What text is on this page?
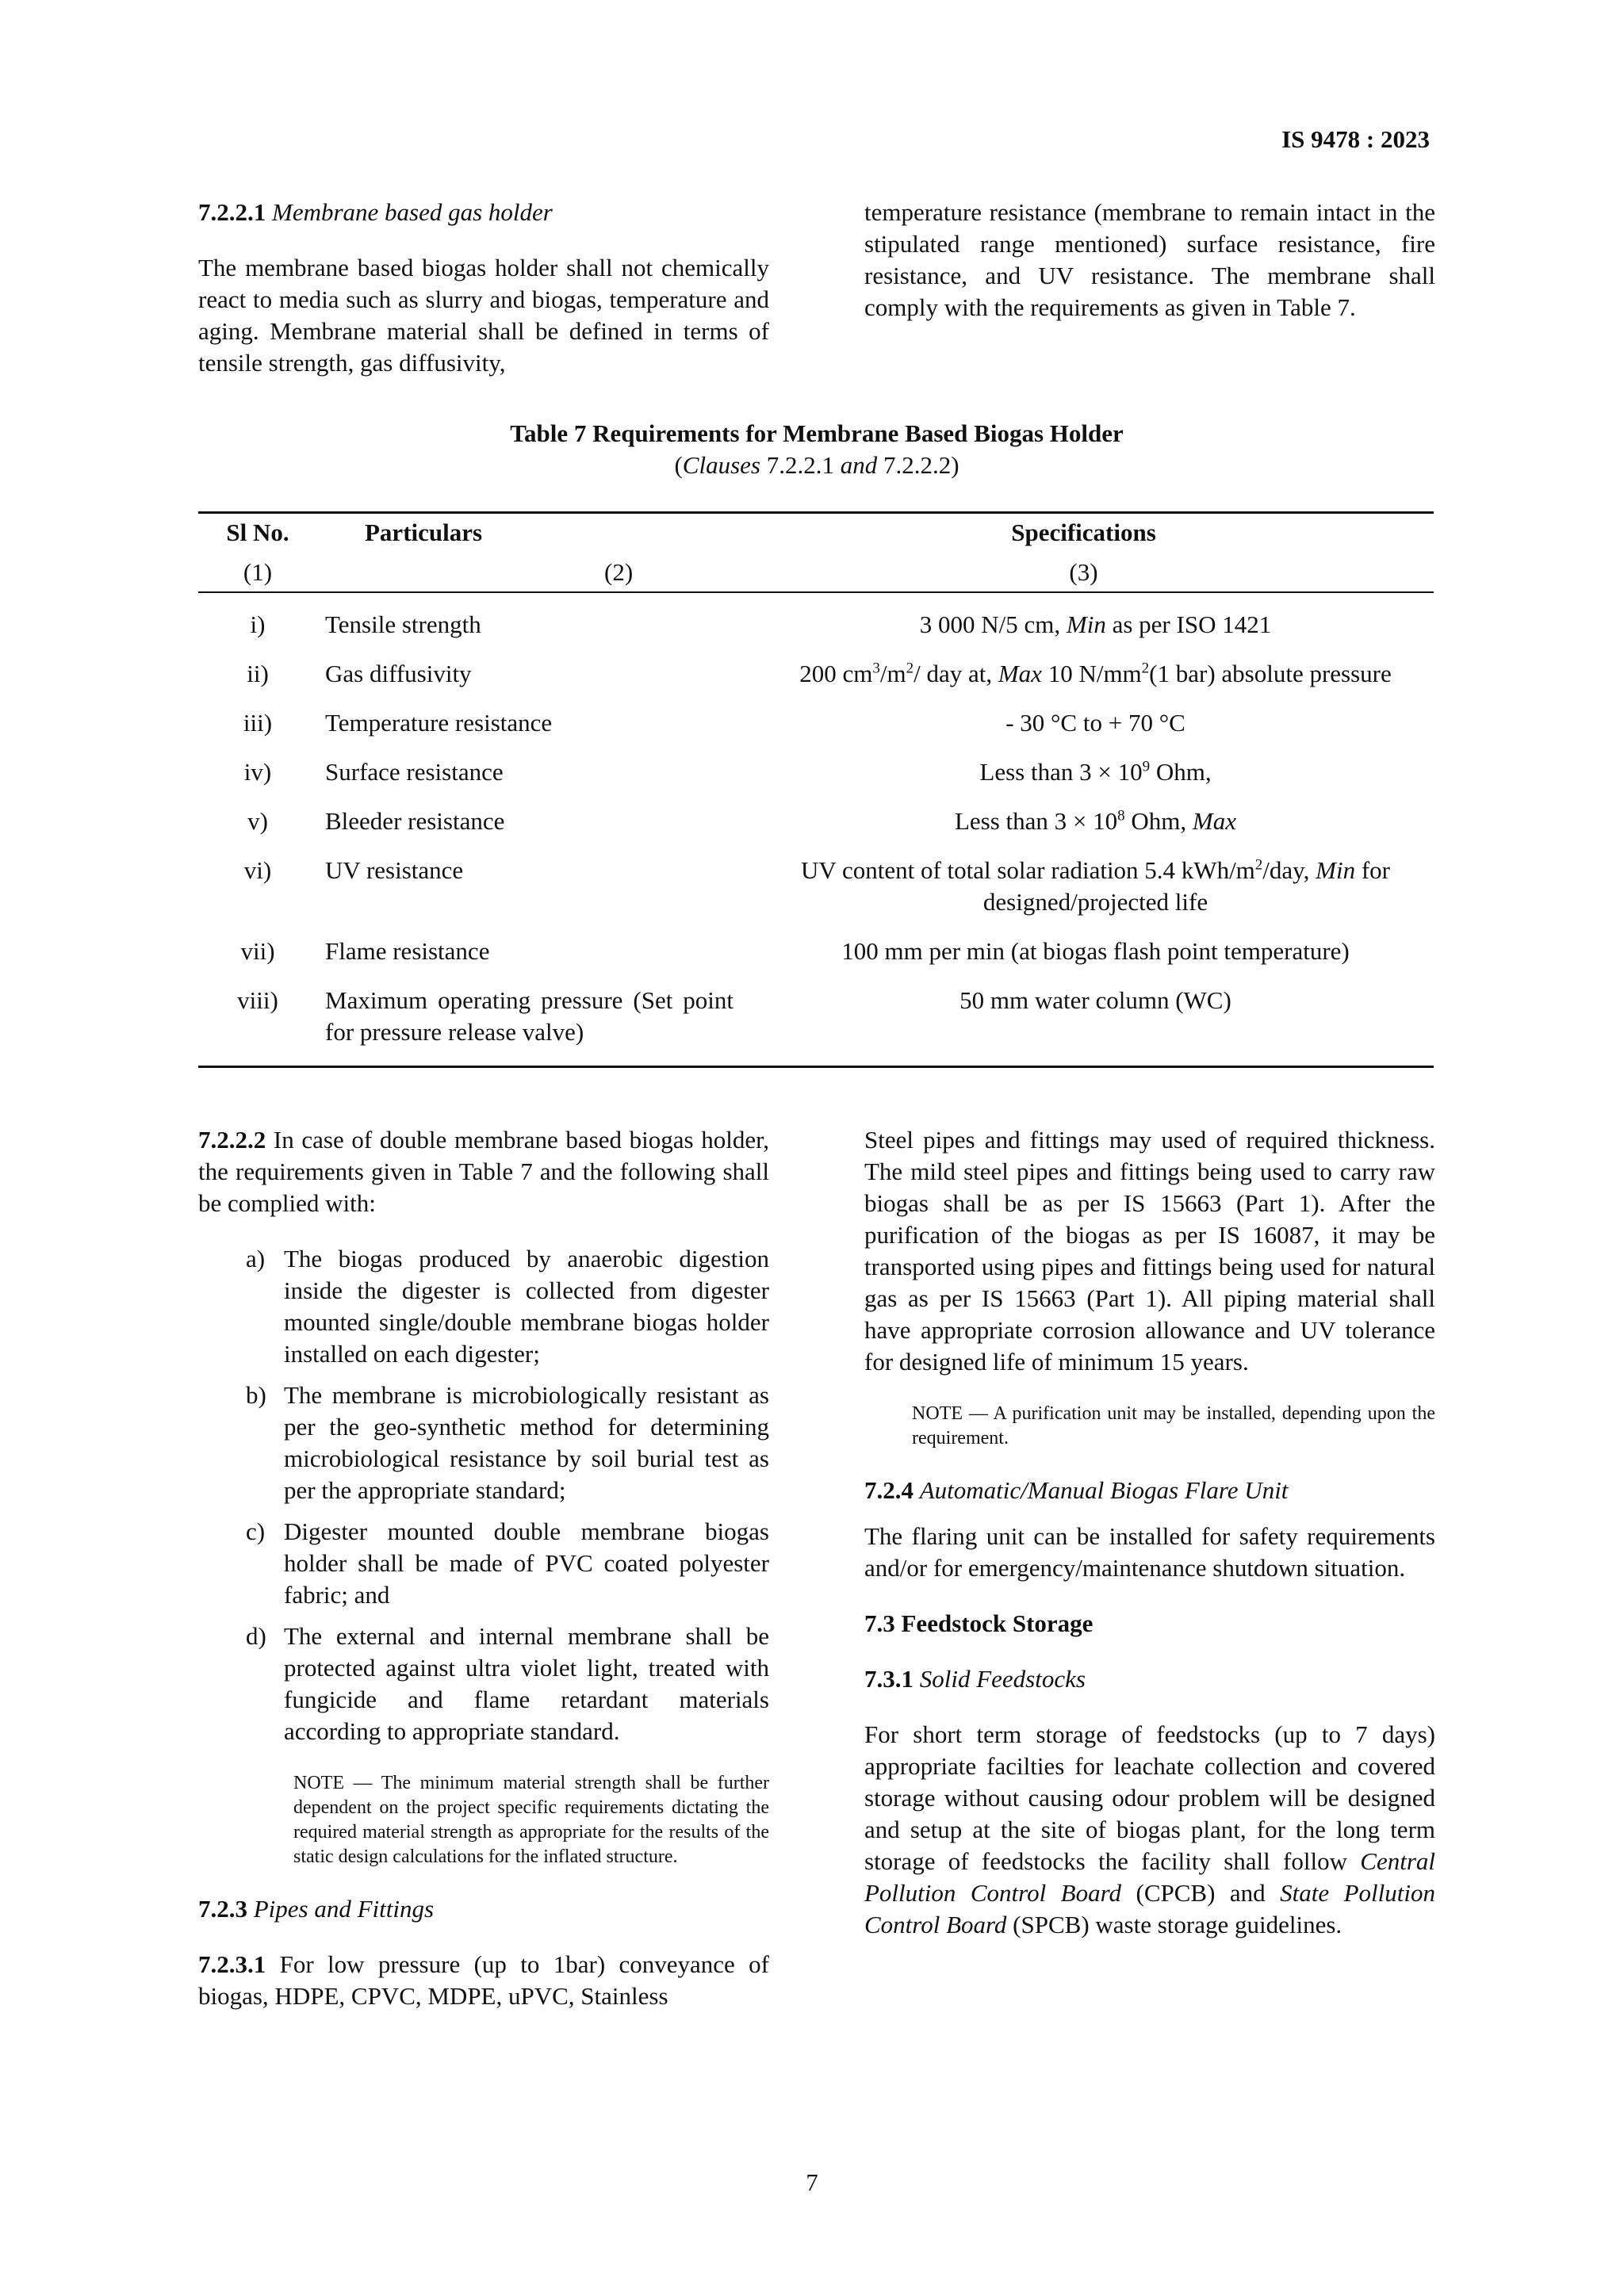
IS 9478 : 2023

7.2.2.1 Membrane based gas holder

The membrane based biogas holder shall not chemically react to media such as slurry and biogas, temperature and aging. Membrane material shall be defined in terms of tensile strength, gas diffusivity,

temperature resistance (membrane to remain intact in the stipulated range mentioned) surface resistance, fire resistance, and UV resistance. The membrane shall comply with the requirements as given in Table 7.

Table 7 Requirements for Membrane Based Biogas Holder
(Clauses 7.2.2.1 and 7.2.2.2)
Sl No.	Particulars	Specifications
(1)	(2)	(3)
i)	Tensile strength	3 000 N/5 cm, Min as per ISO 1421
ii)	Gas diffusivity	200 $cm^3/m^2/$ day at, Max 10 $N/mm^2(1$ bar) absolute pressure
iii)	Temperature resistance	- 30 °C to + 70 °C
iv)	Surface resistance	Less than $3 \times 10^9$ Ohm,
v)	Bleeder resistance	Less than $3 \times 10^8$ Ohm, Max
vi)	UV resistance	UV content of total solar radiation 5.4 kWh/$m^2$/day, Min for designed/projected life
vii)	Flame resistance	100 mm per min (at biogas flash point temperature)
viii)	Maximum operating pressure (Set point for pressure release valve)	50 mm water column (WC)

7.2.2.2 In case of double membrane based biogas holder, the requirements given in Table 7 and the following shall be complied with:

a) The biogas produced by anaerobic digestion inside the digester is collected from digester mounted single/double membrane biogas holder installed on each digester;
b) The membrane is microbiologically resistant as per the geo-synthetic method for determining microbiological resistance by soil burial test as per the appropriate standard;
c) Digester mounted double membrane biogas holder shall be made of PVC coated polyester fabric; and
d) The external and internal membrane shall be protected against ultra violet light, treated with fungicide and flame retardant materials according to appropriate standard.

NOTE — The minimum material strength shall be further dependent on the project specific requirements dictating the required material strength as appropriate for the results of the static design calculations for the inflated structure.

7.2.3 Pipes and Fittings

7.2.3.1 For low pressure (up to 1bar) conveyance of biogas, HDPE, CPVC, MDPE, uPVC, Stainless

Steel pipes and fittings may used of required thickness. The mild steel pipes and fittings being used to carry raw biogas shall be as per IS 15663 (Part 1). After the purification of the biogas as per IS 16087, it may be transported using pipes and fittings being used for natural gas as per IS 15663 (Part 1). All piping material shall have appropriate corrosion allowance and UV tolerance for designed life of minimum 15 years.

NOTE — A purification unit may be installed, depending upon the requirement.

7.2.4 Automatic/Manual Biogas Flare Unit

The flaring unit can be installed for safety requirements and/or for emergency/maintenance shutdown situation.

7.3 Feedstock Storage

7.3.1 Solid Feedstocks

For short term storage of feedstocks (up to 7 days) appropriate facilties for leachate collection and covered storage without causing odour problem will be designed and setup at the site of biogas plant, for the long term storage of feedstocks the facility shall follow Central Pollution Control Board (CPCB) and State Pollution Control Board (SPCB) waste storage guidelines.

7
